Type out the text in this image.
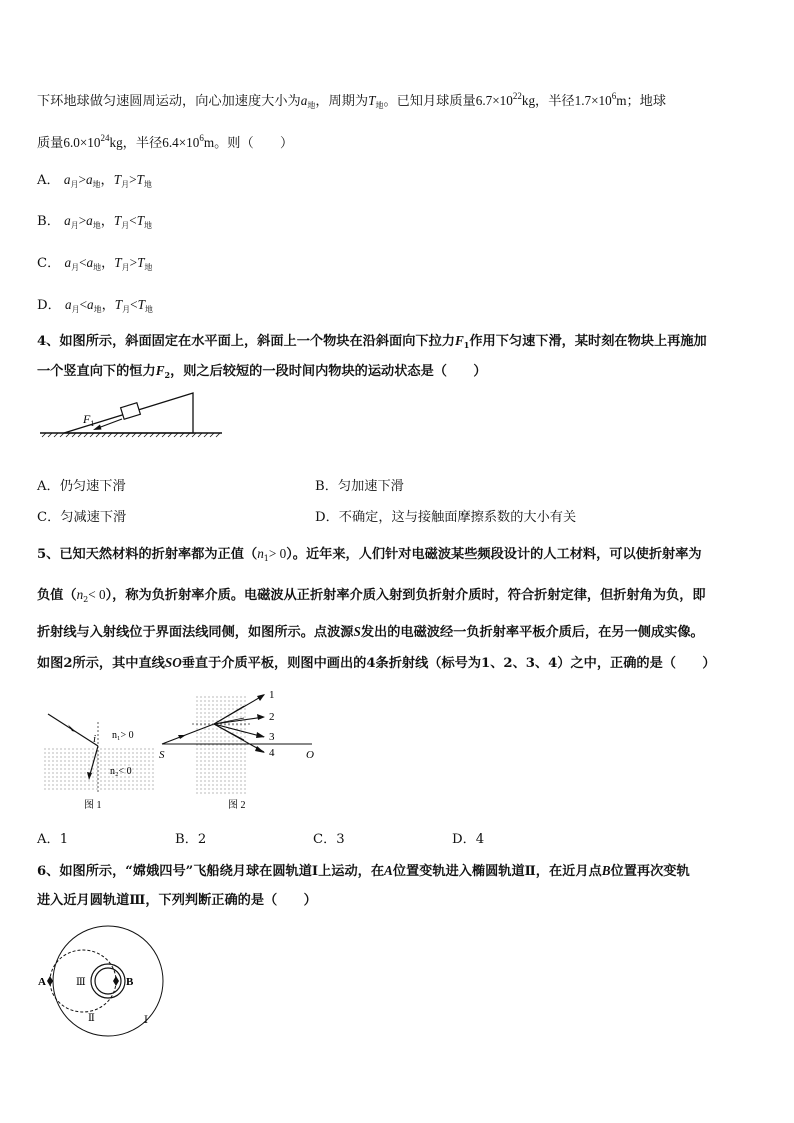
下环地球做匀速圆周运动，向心加速度大小为$a_地$，周期为$T_地$。已知月球质量$6.7\times 10^{22}kg$，半径$1.7\times 10^6m$；地球
质量$6.0\times 10^{24}kg$，半径$6.4\times 10^6m$。则（　　）
A． $a_月>a_地$，$T_月>T_地$
B． $a_月>a_地$，$T_月<T_地$
C． $a_月<a_地$，$T_月>T_地$
D． $a_月<a_地$，$T_月<T_地$
4、如图所示，斜面固定在水平面上，斜面上一个物块在沿斜面向下拉力$F_1$作用下匀速下滑，某时刻在物块上再施加
一个竖直向下的恒力$F_2$，则之后较短的一段时间内物块的运动状态是（　　）
$F_1$
A．仍匀速下滑	B．匀加速下滑
C．匀减速下滑	D．不确定，这与接触面摩擦系数的大小有关
5、已知天然材料的折射率都为正值$(n_1> 0)$。近年来，人们针对电磁波某些频段设计的人工材料，可以使折射率为
负值$(n_2< 0)$，称为负折射率介质。电磁波从正折射率介质入射到负折射介质时，符合折射定律，但折射角为负，即
折射线与入射线位于界面法线同侧，如图所示。点波源S发出的电磁波经一负折射率平板介质后，在另一侧成实像。
如图2所示，其中直线SO垂直于介质平板，则图中画出的4条折射线（标号为1、2、3、4）之中，正确的是（　　）
i n₁> 0
n₂< 0
图 1
1
2
3
4
S	O
图 2
A．1	B．2	C．3	D．4
6、如图所示，“嫦娥四号”飞船绕月球在圆轨道Ⅰ上运动，在A位置变轨进入椭圆轨道Ⅱ，在近月点B位置再次变轨
进入近月圆轨道Ⅲ，下列判断正确的是（　　）
A	B
Ⅲ
Ⅱ	Ⅰ
